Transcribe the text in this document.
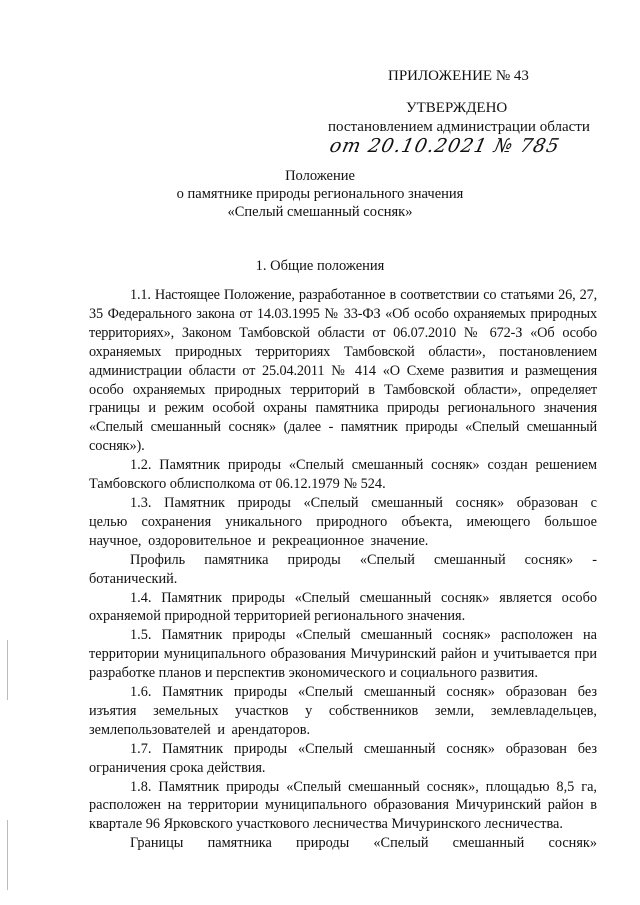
ПРИЛОЖЕНИЕ № 43
УТВЕРЖДЕНО
постановлением администрации области
от 20.10.2021 № 785
Положение
о памятнике природы регионального значения
«Спелый смешанный сосняк»
1. Общие положения

1.1. Настоящее Положение, разработанное в соответствии со статьями 26, 27, 35 Федерального закона от 14.03.1995 № 33-ФЗ «Об особо охраняемых природных территориях», Законом Тамбовской области от 06.07.2010 № 672-З «Об особо охраняемых природных территориях Тамбовской области», постановлением администрации области от 25.04.2011 № 414 «О Схеме развития и размещения особо охраняемых природных территорий в Тамбовской области», определяет границы и режим особой охраны памятника природы регионального значения «Спелый смешанный сосняк» (далее - памятник природы «Спелый смешанный сосняк»).

1.2. Памятник природы «Спелый смешанный сосняк» создан решением Тамбовского облисполкома от 06.12.1979 № 524.

1.3. Памятник природы «Спелый смешанный сосняк» образован с целью сохранения уникального природного объекта, имеющего большое научное, оздоровительное и рекреационное значение.

Профиль памятника природы «Спелый смешанный сосняк» - ботанический.

1.4. Памятник природы «Спелый смешанный сосняк» является особо охраняемой природной территорией регионального значения.

1.5. Памятник природы «Спелый смешанный сосняк» расположен на территории муниципального образования Мичуринский район и учитывается при разработке планов и перспектив экономического и социального развития.

1.6. Памятник природы «Спелый смешанный сосняк» образован без изъятия земельных участков у собственников земли, землевладельцев, землепользователей и арендаторов.

1.7. Памятник природы «Спелый смешанный сосняк» образован без ограничения срока действия.

1.8. Памятник природы «Спелый смешанный сосняк», площадью 8,5 га, расположен на территории муниципального образования Мичуринский район в квартале 96 Ярковского участкового лесничества Мичуринского лесничества.

Границы памятника природы «Спелый смешанный сосняк»
